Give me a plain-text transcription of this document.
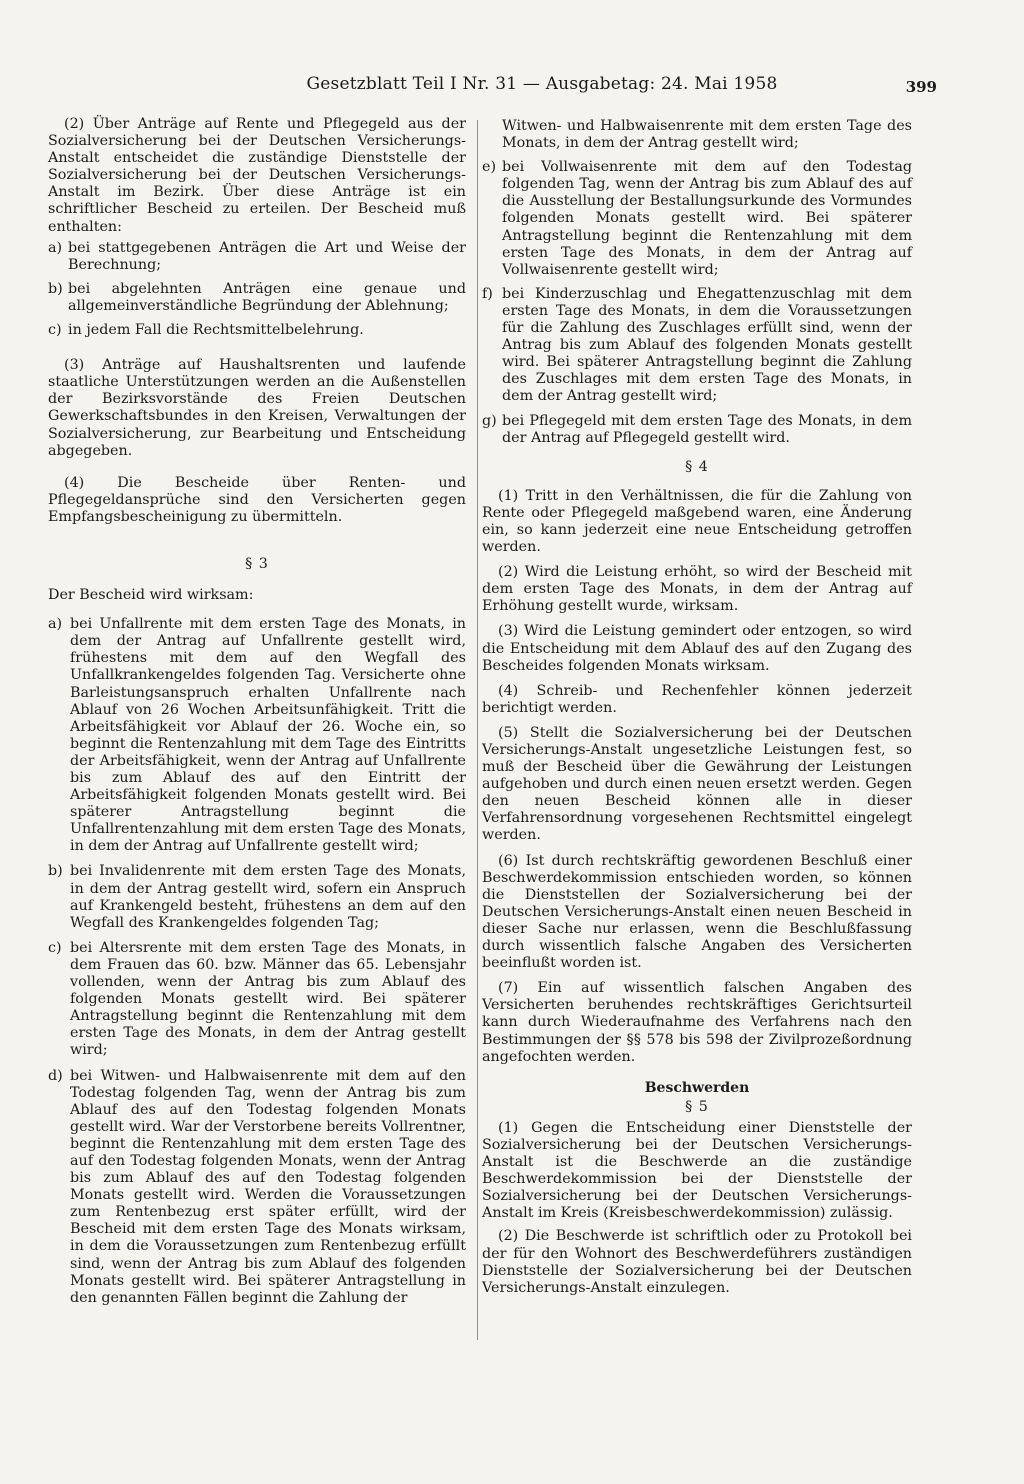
Gesetzblatt Teil I Nr. 31 — Ausgabetag: 24. Mai 1958	399

(2) Über Anträge auf Rente und Pflegegeld aus der Sozialversicherung bei der Deutschen Versicherungs-Anstalt entscheidet die zuständige Dienststelle der Sozialversicherung bei der Deutschen Versicherungs-Anstalt im Bezirk. Über diese Anträge ist ein schriftlicher Bescheid zu erteilen. Der Bescheid muß enthalten:

a) bei stattgegebenen Anträgen die Art und Weise der Berechnung;
b) bei abgelehnten Anträgen eine genaue und allgemeinverständliche Begründung der Ablehnung;
c) in jedem Fall die Rechtsmittelbelehrung.

(3) Anträge auf Haushaltsrenten und laufende staatliche Unterstützungen werden an die Außenstellen der Bezirksvorstände des Freien Deutschen Gewerkschaftsbundes in den Kreisen, Verwaltungen der Sozialversicherung, zur Bearbeitung und Entscheidung abgegeben.

(4) Die Bescheide über Renten- und Pflegegeldansprüche sind den Versicherten gegen Empfangsbescheinigung zu übermitteln.

§ 3

Der Bescheid wird wirksam:

a) bei Unfallrente mit dem ersten Tage des Monats, in dem der Antrag auf Unfallrente gestellt wird, frühestens mit dem auf den Wegfall des Unfallkrankengeldes folgenden Tag. Versicherte ohne Barleistungsanspruch erhalten Unfallrente nach Ablauf von 26 Wochen Arbeitsunfähigkeit. Tritt die Arbeitsfähigkeit vor Ablauf der 26. Woche ein, so beginnt die Rentenzahlung mit dem Tage des Eintritts der Arbeitsfähigkeit, wenn der Antrag auf Unfallrente bis zum Ablauf des auf den Eintritt der Arbeitsfähigkeit folgenden Monats gestellt wird. Bei späterer Antragstellung beginnt die Unfallrentenzahlung mit dem ersten Tage des Monats, in dem der Antrag auf Unfallrente gestellt wird;
b) bei Invalidenrente mit dem ersten Tage des Monats, in dem der Antrag gestellt wird, sofern ein Anspruch auf Krankengeld besteht, frühestens an dem auf den Wegfall des Krankengeldes folgenden Tag;
c) bei Altersrente mit dem ersten Tage des Monats, in dem Frauen das 60. bzw. Männer das 65. Lebensjahr vollenden, wenn der Antrag bis zum Ablauf des folgenden Monats gestellt wird. Bei späterer Antragstellung beginnt die Rentenzahlung mit dem ersten Tage des Monats, in dem der Antrag gestellt wird;
d) bei Witwen- und Halbwaisenrente mit dem auf den Todestag folgenden Tag, wenn der Antrag bis zum Ablauf des auf den Todestag folgenden Monats gestellt wird. War der Verstorbene bereits Vollrentner, beginnt die Rentenzahlung mit dem ersten Tage des auf den Todestag folgenden Monats, wenn der Antrag bis zum Ablauf des auf den Todestag folgenden Monats gestellt wird. Werden die Voraussetzungen zum Rentenbezug erst später erfüllt, wird der Bescheid mit dem ersten Tage des Monats wirksam, in dem die Voraussetzungen zum Rentenbezug erfüllt sind, wenn der Antrag bis zum Ablauf des folgenden Monats gestellt wird. Bei späterer Antragstellung in den genannten Fällen beginnt die Zahlung der
Witwen- und Halbwaisenrente mit dem ersten Tage des Monats, in dem der Antrag gestellt wird;
e) bei Vollwaisenrente mit dem auf den Todestag folgenden Tag, wenn der Antrag bis zum Ablauf des auf die Ausstellung der Bestallungsurkunde des Vormundes folgenden Monats gestellt wird. Bei späterer Antragstellung beginnt die Rentenzahlung mit dem ersten Tage des Monats, in dem der Antrag auf Vollwaisenrente gestellt wird;
f) bei Kinderzuschlag und Ehegattenzuschlag mit dem ersten Tage des Monats, in dem die Voraussetzungen für die Zahlung des Zuschlages erfüllt sind, wenn der Antrag bis zum Ablauf des folgenden Monats gestellt wird. Bei späterer Antragstellung beginnt die Zahlung des Zuschlages mit dem ersten Tage des Monats, in dem der Antrag gestellt wird;
g) bei Pflegegeld mit dem ersten Tage des Monats, in dem der Antrag auf Pflegegeld gestellt wird.
§ 4

(1) Tritt in den Verhältnissen, die für die Zahlung von Rente oder Pflegegeld maßgebend waren, eine Änderung ein, so kann jederzeit eine neue Entscheidung getroffen werden.

(2) Wird die Leistung erhöht, so wird der Bescheid mit dem ersten Tage des Monats, in dem der Antrag auf Erhöhung gestellt wurde, wirksam.

(3) Wird die Leistung gemindert oder entzogen, so wird die Entscheidung mit dem Ablauf des auf den Zugang des Bescheides folgenden Monats wirksam.

(4) Schreib- und Rechenfehler können jederzeit berichtigt werden.

(5) Stellt die Sozialversicherung bei der Deutschen Versicherungs-Anstalt ungesetzliche Leistungen fest, so muß der Bescheid über die Gewährung der Leistungen aufgehoben und durch einen neuen ersetzt werden. Gegen den neuen Bescheid können alle in dieser Verfahrensordnung vorgesehenen Rechtsmittel eingelegt werden.

(6) Ist durch rechtskräftig gewordenen Beschluß einer Beschwerdekommission entschieden worden, so können die Dienststellen der Sozialversicherung bei der Deutschen Versicherungs-Anstalt einen neuen Bescheid in dieser Sache nur erlassen, wenn die Beschlußfassung durch wissentlich falsche Angaben des Versicherten beeinflußt worden ist.

(7) Ein auf wissentlich falschen Angaben des Versicherten beruhendes rechtskräftiges Gerichtsurteil kann durch Wiederaufnahme des Verfahrens nach den Bestimmungen der §§ 578 bis 598 der Zivilprozeßordnung angefochten werden.

Beschwerden
§ 5

(1) Gegen die Entscheidung einer Dienststelle der Sozialversicherung bei der Deutschen Versicherungs-Anstalt ist die Beschwerde an die zuständige Beschwerdekommission bei der Dienststelle der Sozialversicherung bei der Deutschen Versicherungs-Anstalt im Kreis (Kreisbeschwerdekommission) zulässig.

(2) Die Beschwerde ist schriftlich oder zu Protokoll bei der für den Wohnort des Beschwerdeführers zuständigen Dienststelle der Sozialversicherung bei der Deutschen Versicherungs-Anstalt einzulegen.
